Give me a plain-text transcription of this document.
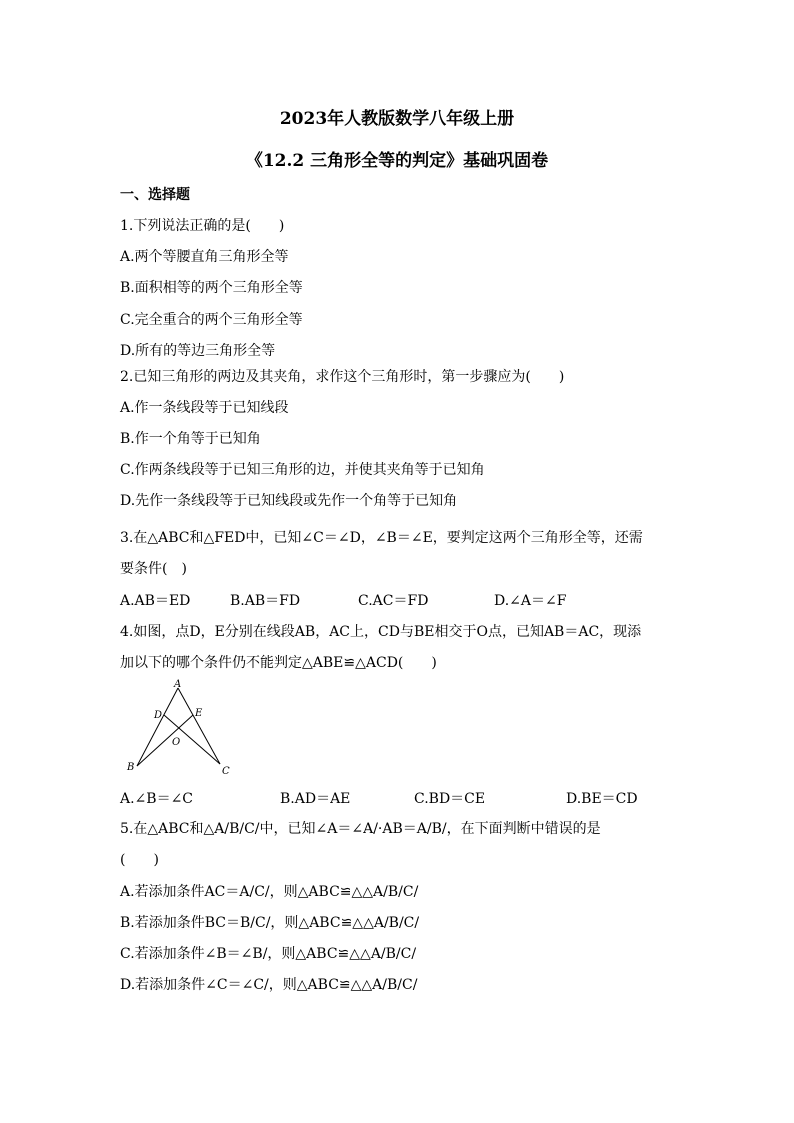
2023年人教版数学八年级上册
《12.2 三角形全等的判定》基础巩固卷
一、选择题
1.下列说法正确的是(　　)
A.两个等腰直角三角形全等
B.面积相等的两个三角形全等
C.完全重合的两个三角形全等
D.所有的等边三角形全等
2.已知三角形的两边及其夹角，求作这个三角形时，第一步骤应为(　　)
A.作一条线段等于已知线段
B.作一个角等于已知角
C.作两条线段等于已知三角形的边，并使其夹角等于已知角
D.先作一条线段等于已知线段或先作一个角等于已知角
3.在△ABC和△FED中，已知∠C＝∠D，∠B＝∠E，要判定这两个三角形全等，还需
要条件(　)
A.AB＝ED	B.AB＝FD	C.AC＝FD	D.∠A＝∠F
4.如图，点D，E分别在线段AB，AC上，CD与BE相交于O点，已知AB＝AC，现添
加以下的哪个条件仍不能判定△ABE≌△ACD(　　)
A
D	E
O
B	C
A.∠B＝∠C	B.AD＝AE	C.BD＝CE	D.BE＝CD
5.在△ABC和△A/B/C/中，已知∠A＝∠A/·AB＝A/B/，在下面判断中错误的是
(　　)
A.若添加条件AC＝A/C/，则△ABC≌△△A/B/C/
B.若添加条件BC＝B/C/，则△ABC≌△△A/B/C/
C.若添加条件∠B＝∠B/，则△ABC≌△△A/B/C/
D.若添加条件∠C＝∠C/，则△ABC≌△△A/B/C/
